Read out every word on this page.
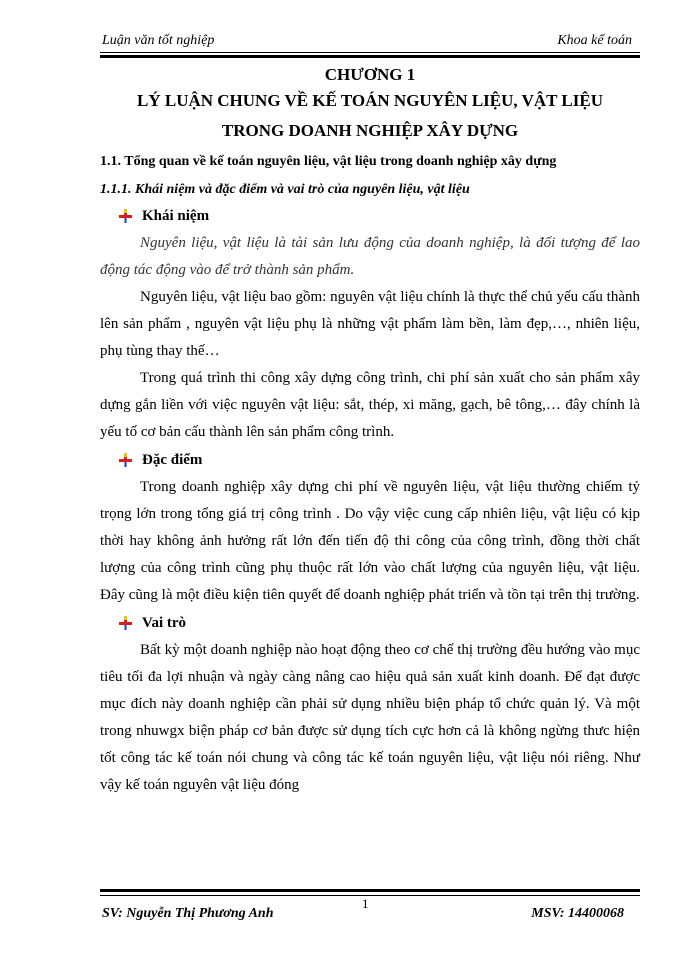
Luận văn tốt nghiệp	Khoa kế toán
CHƯƠNG 1
LÝ LUẬN CHUNG VỀ KẾ TOÁN NGUYÊN LIỆU, VẬT LIỆU
TRONG DOANH NGHIỆP XÂY DỰNG
1.1. Tổng quan về kế toán nguyên liệu, vật liệu trong doanh nghiệp xây dựng
1.1.1. Khái niệm và đặc điểm và vai trò của nguyên liệu, vật liệu
Khái niệm

Nguyên liệu, vật liệu là tài sản lưu động của doanh nghiệp, là đối tượng để lao động tác động vào để trở thành sản phẩm.

Nguyên liệu, vật liệu bao gồm: nguyên vật liệu chính là thực thể chủ yếu cấu thành lên sản phẩm , nguyên vật liệu phụ là những vật phẩm làm bền, làm đẹp,…, nhiên liệu, phụ tùng thay thế…

Trong quá trình thi công xây dựng công trình, chi phí sản xuất cho sản phẩm xây dựng gắn liền với việc nguyên vật liệu: sắt, thép, xi măng, gạch, bê tông,… đây chính là yếu tố cơ bản cấu thành lên sản phẩm công trình.

Đặc điểm

Trong doanh nghiệp xây dựng chi phí về nguyên liệu, vật liệu thường chiếm tỷ trọng lớn trong tổng giá trị công trình . Do vậy việc cung cấp nhiên liệu, vật liệu có kịp thời hay không ảnh hưởng rất lớn đến tiến độ thi công của công trình, đồng thời chất lượng của công trình cũng phụ thuộc rất lớn vào chất lượng của nguyên liệu, vật liệu. Đây cũng là một điều kiện tiên quyết để doanh nghiệp phát triển và tồn tại trên thị trường.

Vai trò

Bất kỳ một doanh nghiệp nào hoạt động theo cơ chế thị trường đều hướng vào mục tiêu tối đa lợi nhuận và ngày càng nâng cao hiệu quả sản xuất kinh doanh. Để đạt được mục đích này doanh nghiệp cần phải sử dụng nhiều biện pháp tổ chức quản lý. Và một trong nhuwgx biện pháp cơ bản được sử dụng tích cực hơn cả là không ngừng thưc hiện tốt công tác kế toán nói chung và công tác kế toán nguyên liệu, vật liệu nói riêng. Như vậy kế toán nguyên vật liệu đóng

SV: Nguyễn Thị Phương Anh
1
MSV: 14400068
